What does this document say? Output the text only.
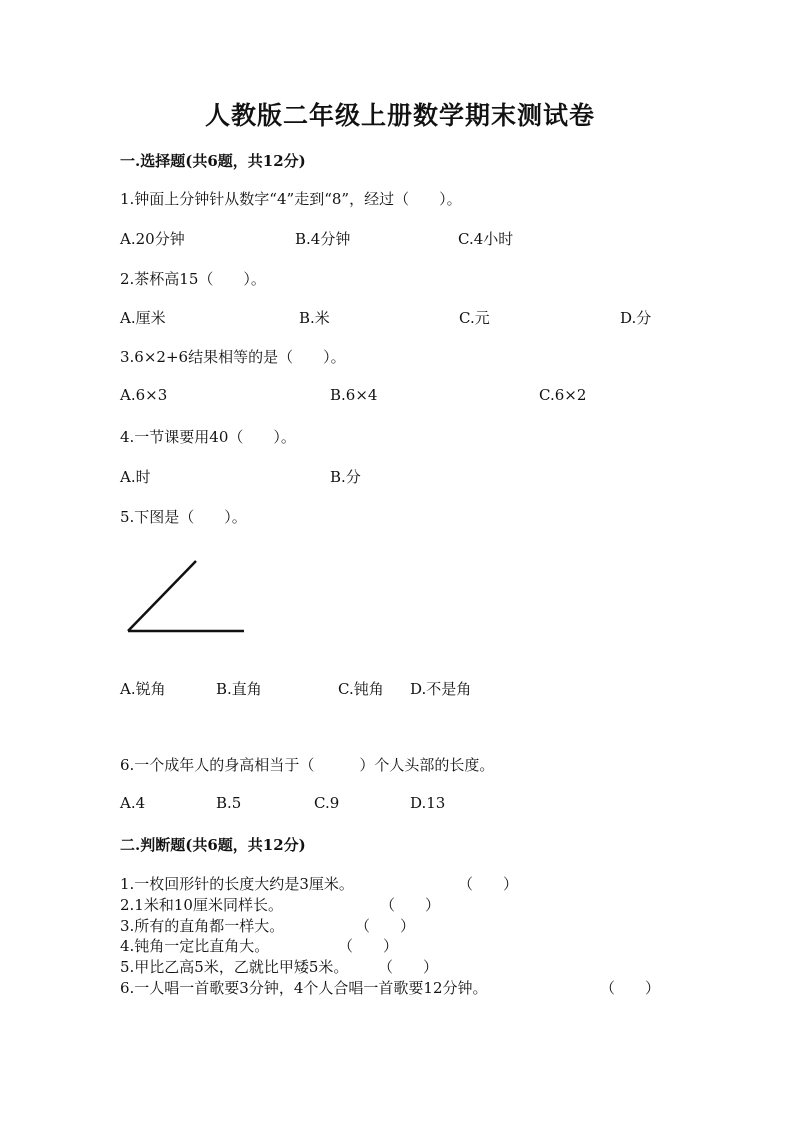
人教版二年级上册数学期末测试卷
一.选择题(共6题，共12分)
1.钟面上分钟针从数字“4”走到“8”，经过（　　）。
A.20分钟	B.4分钟	C.4小时
2.茶杯高15（　　）。
A.厘米	B.米	C.元	D.分
3.6×2+6结果相等的是（　　）。
A.6×3	B.6×4	C.6×2
4.一节课要用40（　　）。
A.时	B.分
5.下图是（　　）。
A.锐角	B.直角	C.钝角 D.不是角
6.一个成年人的身高相当于（　　　）个人头部的长度。
A.4	B.5	C.9	D.13
二.判断题(共6题，共12分)
1.一枚回形针的长度大约是3厘米。	（　　）
2.1米和10厘米同样长。	（　　）
3.所有的直角都一样大。	（　　）
4.钝角一定比直角大。	（　　）
5.甲比乙高5米，乙就比甲矮5米。 （　　）
6.一人唱一首歌要3分钟，4个人合唱一首歌要12分钟。	（　　）
